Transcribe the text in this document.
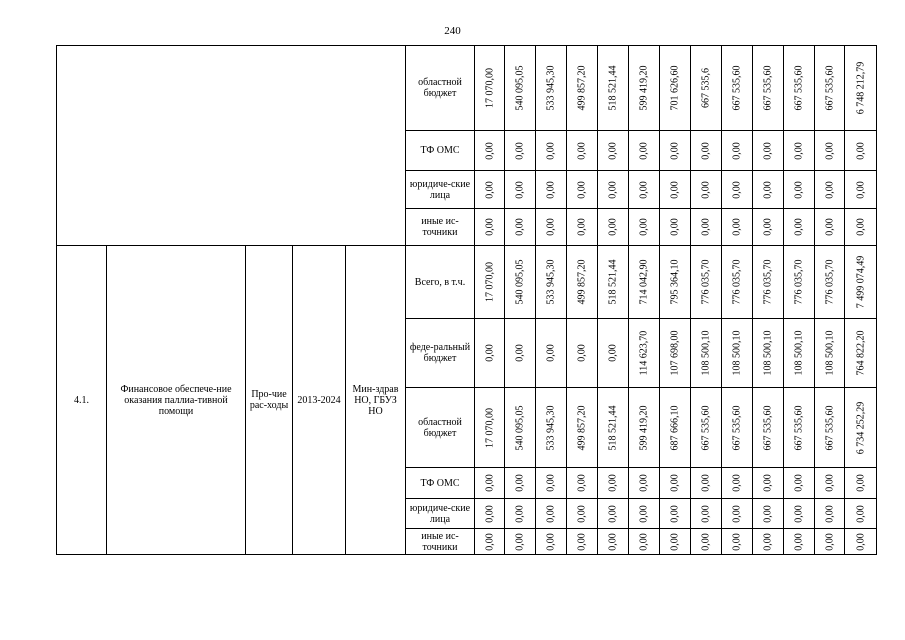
240
					областной бюджет	17 070,00	540 095,05	533 945,30	499 857,20	518 521,44	599 419,20	701 626,60	667 535,6	667 535,60	667 535,60	667 535,60	667 535,60	6 748 212,79

					ТФ ОМС	0,00	0,00	0,00	0,00	0,00	0,00	0,00	0,00	0,00	0,00	0,00	0,00	0,00

					юридиче-ские лица	0,00	0,00	0,00	0,00	0,00	0,00	0,00	0,00	0,00	0,00	0,00	0,00	0,00

					иные ис-точники	0,00	0,00	0,00	0,00	0,00	0,00	0,00	0,00	0,00	0,00	0,00	0,00	0,00

4.1.	Финансовое обеспече-ние оказания паллиа-тивной помощи	Про-чие рас-ходы	2013-2024	Мин-здрав НО, ГБУЗ НО	Всего, в т.ч.	17 070,00	540 095,05	533 945,30	499 857,20	518 521,44	714 042,90	795 364,10	776 035,70	776 035,70	776 035,70	776 035,70	776 035,70	7 499 074,49

					феде-ральный бюджет	0,00	0,00	0,00	0,00	0,00	114 623,70	107 698,00	108 500,10	108 500,10	108 500,10	108 500,10	108 500,10	764 822,20

					областной бюджет	17 070,00	540 095,05	533 945,30	499 857,20	518 521,44	599 419,20	687 666,10	667 535,60	667 535,60	667 535,60	667 535,60	667 535,60	6 734 252,29

					ТФ ОМС	0,00	0,00	0,00	0,00	0,00	0,00	0,00	0,00	0,00	0,00	0,00	0,00	0,00

					юридиче-ские лица	0,00	0,00	0,00	0,00	0,00	0,00	0,00	0,00	0,00	0,00	0,00	0,00	0,00

					иные ис-точники	0,00	0,00	0,00	0,00	0,00	0,00	0,00	0,00	0,00	0,00	0,00	0,00	0,00
